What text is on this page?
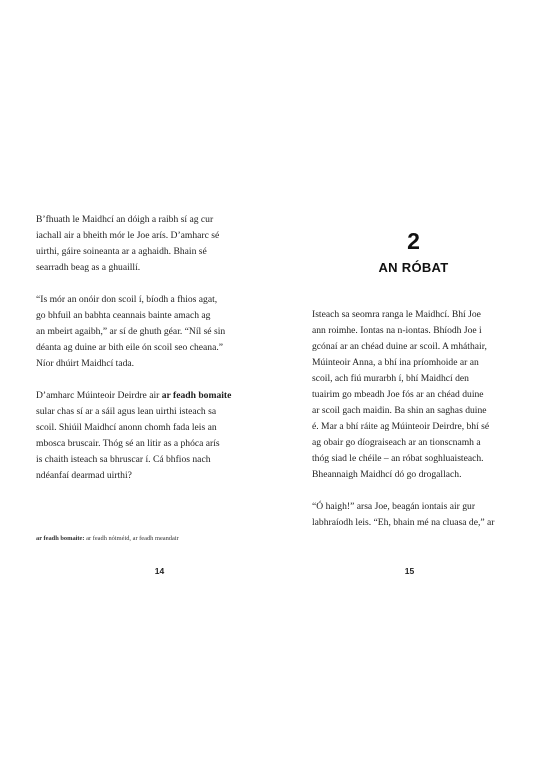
B’fhuath le Maidhcí an dóigh a raibh sí ag cur
iachall air a bheith mór le Joe arís. D’amharc sé
uirthi, gáire soineanta ar a aghaidh. Bhain sé
searradh beag as a ghuaillí.

“Is mór an onóir don scoil í, bíodh a fhios agat,
go bhfuil an babhta ceannais bainte amach ag
an mbeirt agaibh,” ar sí de ghuth géar. “Níl sé sin
déanta ag duine ar bith eile ón scoil seo cheana.”
Níor dhúirt Maidhcí tada.

D’amharc Múinteoir Deirdre air ar feadh bomaite
sular chas sí ar a sáil agus lean uirthi isteach sa
scoil. Shiúil Maidhcí anonn chomh fada leis an
mbosca bruscair. Thóg sé an litir as a phóca arís
is chaith isteach sa bhruscar í. Cá bhfios nach
ndéanfaí dearmad uirthi?

ar feadh bomaite: ar feadh nóiméid, ar feadh meandair
14
2
AN RÓBAT

Isteach sa seomra ranga le Maidhcí. Bhí Joe
ann roimhe. Iontas na n-iontas. Bhíodh Joe i
gcónaí ar an chéad duine ar scoil. A mháthair,
Múinteoir Anna, a bhí ina príomhoide ar an
scoil, ach fiú murarbh í, bhí Maidhcí den
tuairim go mbeadh Joe fós ar an chéad duine
ar scoil gach maidin. Ba shin an saghas duine
é. Mar a bhí ráite ag Múinteoir Deirdre, bhí sé
ag obair go díograiseach ar an tionscnamh a
thóg siad le chéile – an róbat soghluaisteach.
Bheannaigh Maidhcí dó go drogallach.

“Ó haigh!” arsa Joe, beagán iontais air gur
labhraíodh leis. “Eh, bhain mé na cluasa de,” ar

15
